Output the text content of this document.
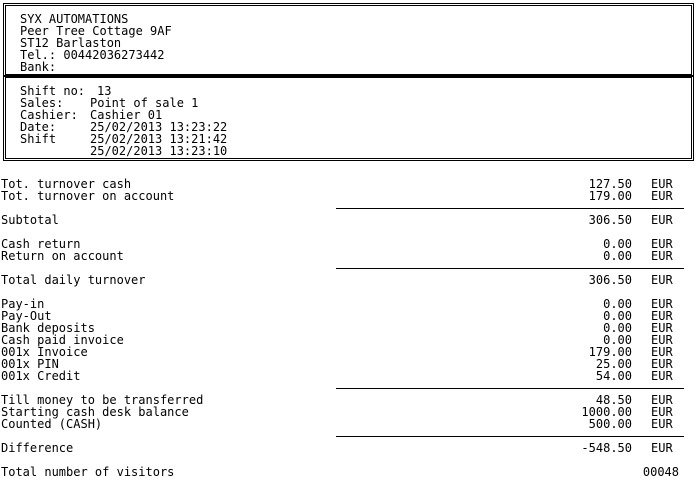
SYX AUTOMATIONS
Peer Tree Cottage 9AF
ST12 Barlaston
Tel.: 00442036273442
Bank:
Shift no: 13
Sales: Point of sale 1
Cashier: Cashier 01
Date:	25/02/2013 13:23:22
Shift	25/02/2013 13:21:42
25/02/2013 13:23:10
Tot. turnover cash	127.50 EUR
Tot. turnover on account	179.00 EUR
Subtotal	306.50 EUR
Cash return	0.00 EUR
Return on account	0.00 EUR
Total daily turnover	306.50 EUR
Pay-in	0.00 EUR
Pay-Out	0.00 EUR
Bank deposits	0.00 EUR
Cash paid invoice	0.00 EUR
001x Invoice	179.00 EUR
001x PIN	25.00 EUR
001x Credit	54.00 EUR
Till money to be transferred	48.50 EUR
Starting cash desk balance	1000.00 EUR
Counted (CASH)	500.00 EUR
Difference	-548.50 EUR
Total number of visitors	00048
